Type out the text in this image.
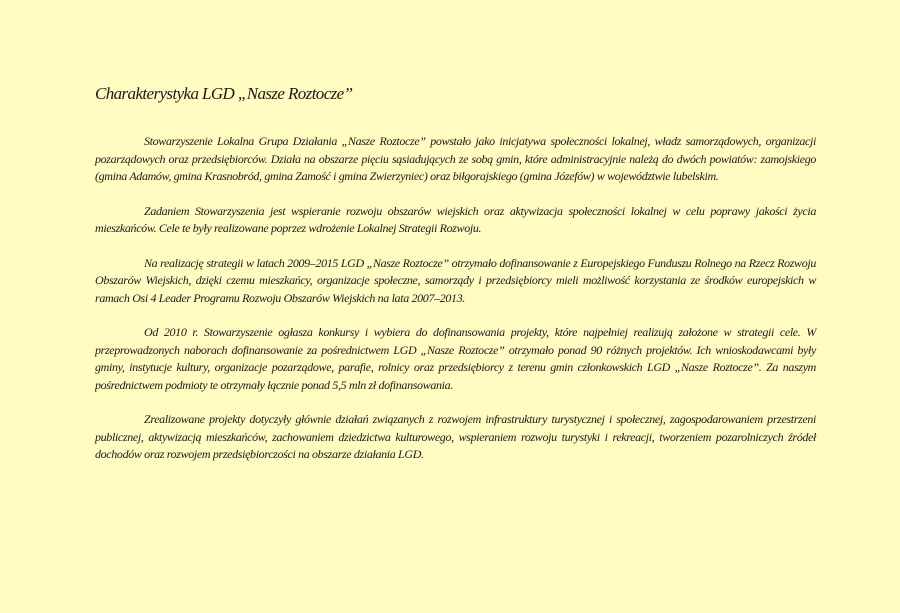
Charakterystyka LGD „Nasze Roztocze”

Stowarzyszenie Lokalna Grupa Działania „Nasze Roztocze” powstało jako inicjatywa społeczności lokalnej, władz samorządowych, organizacji pozarządowych oraz przedsiębiorców. Działa na obszarze pięciu sąsiadujących ze sobą gmin, które administracyjnie należą do dwóch powiatów: zamojskiego (gmina Adamów, gmina Krasnobród, gmina Zamość i gmina Zwierzyniec) oraz biłgorajskiego (gmina Józefów) w województwie lubelskim.

Zadaniem Stowarzyszenia jest wspieranie rozwoju obszarów wiejskich oraz aktywizacja społeczności lokalnej w celu poprawy jakości życia mieszkańców. Cele te były realizowane poprzez wdrożenie Lokalnej Strategii Rozwoju.

Na realizację strategii w latach 2009–2015 LGD „Nasze Roztocze” otrzymało dofinansowanie z Europejskiego Funduszu Rolnego na Rzecz Rozwoju Obszarów Wiejskich, dzięki czemu mieszkańcy, organizacje społeczne, samorządy i przedsiębiorcy mieli możliwość korzystania ze środków europejskich w ramach Osi 4 Leader Programu Rozwoju Obszarów Wiejskich na lata 2007–2013.

Od 2010 r. Stowarzyszenie ogłasza konkursy i wybiera do dofinansowania projekty, które najpełniej realizują założone w strategii cele. W przeprowadzonych naborach dofinansowanie za pośrednictwem LGD „Nasze Roztocze” otrzymało ponad 90 różnych projektów. Ich wnioskodawcami były gminy, instytucje kultury, organizacje pozarządowe, parafie, rolnicy oraz przedsiębiorcy z terenu gmin członkowskich LGD „Nasze Roztocze”. Za naszym pośrednictwem podmioty te otrzymały łącznie ponad 5,5 mln zł dofinansowania.

Zrealizowane projekty dotyczyły głównie działań związanych z rozwojem infrastruktury turystycznej i społecznej, zagospodarowaniem przestrzeni publicznej, aktywizacją mieszkańców, zachowaniem dziedzictwa kulturowego, wspieraniem rozwoju turystyki i rekreacji, tworzeniem pozarolniczych źródeł dochodów oraz rozwojem przedsiębiorczości na obszarze działania LGD.
